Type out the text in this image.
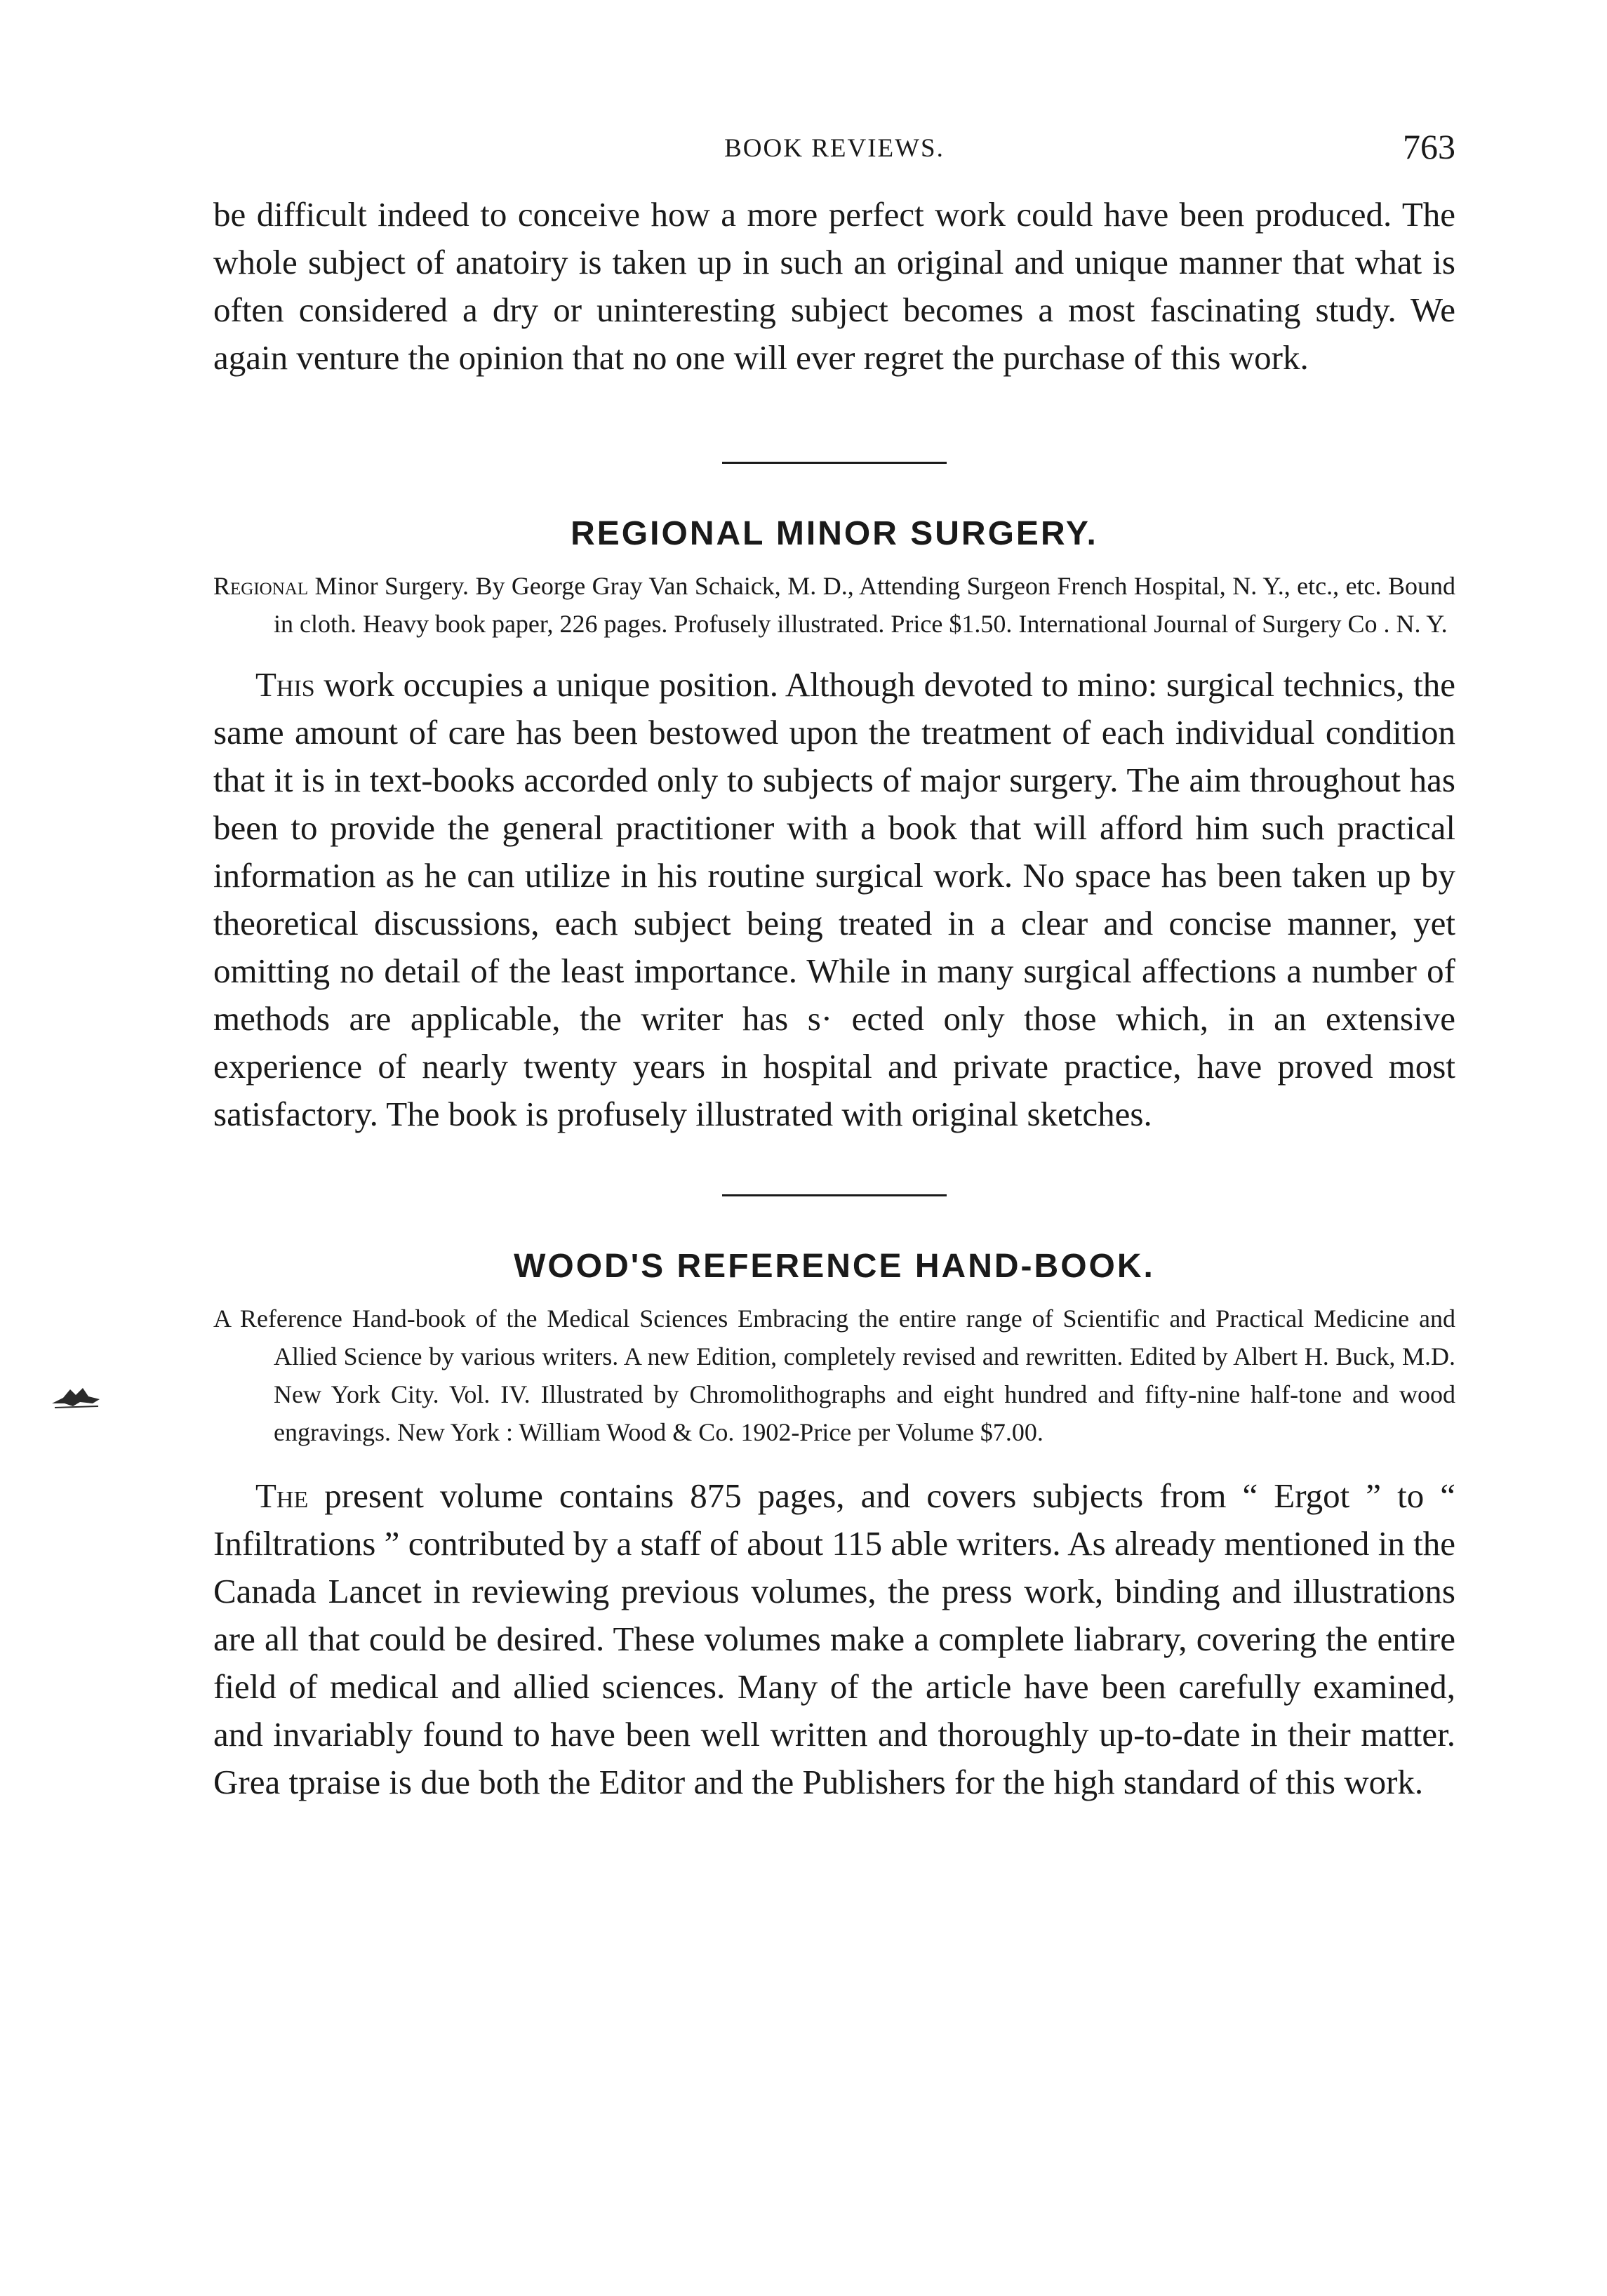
BOOK REVIEWS.	763

be difficult indeed to conceive how a more perfect work could have been produced. The whole subject of anatoiry is taken up in such an original and unique manner that what is often considered a dry or uninteresting subject becomes a most fascinating study. We again venture the opinion that no one will ever regret the purchase of this work.

REGIONAL MINOR SURGERY.

Regional Minor Surgery. By George Gray Van Schaick, M. D., Attending Surgeon French Hospital, N. Y., etc., etc. Bound in cloth. Heavy book paper, 226 pages. Profusely illustrated. Price $1.50. International Journal of Surgery Co . N. Y.

This work occupies a unique position. Although devoted to mino: surgical technics, the same amount of care has been bestowed upon the treatment of each individual condition that it is in text-books accorded only to subjects of major surgery. The aim throughout has been to provide the general practitioner with a book that will afford him such practical information as he can utilize in his routine surgical work. No space has been taken up by theoretical discussions, each subject being treated in a clear and concise manner, yet omitting no detail of the least importance. While in many surgical affections a number of methods are applicable, the writer has s· ected only those which, in an extensive experience of nearly twenty years in hospital and private practice, have proved most satisfactory. The book is profusely illustrated with original sketches.

WOOD'S REFERENCE HAND-BOOK.

A Reference Hand-book of the Medical Sciences Embracing the entire range of Scientific and Practical Medicine and Allied Science by various writers. A new Edition, completely revised and rewritten. Edited by Albert H. Buck, M.D. New York City. Vol. IV. Illustrated by Chromolithographs and eight hundred and fifty-nine half-tone and wood engravings. New York : William Wood & Co. 1902-Price per Volume $7.00.

The present volume contains 875 pages, and covers subjects from “ Ergot ” to “ Infiltrations ” contributed by a staff of about 115 able writers. As already mentioned in the Canada Lancet in reviewing previous volumes, the press work, binding and illustrations are all that could be desired. These volumes make a complete liabrary, covering the entire field of medical and allied sciences. Many of the article have been carefully examined, and invariably found to have been well written and thoroughly up-to-date in their matter. Grea tpraise is due both the Editor and the Publishers for the high standard of this work.
